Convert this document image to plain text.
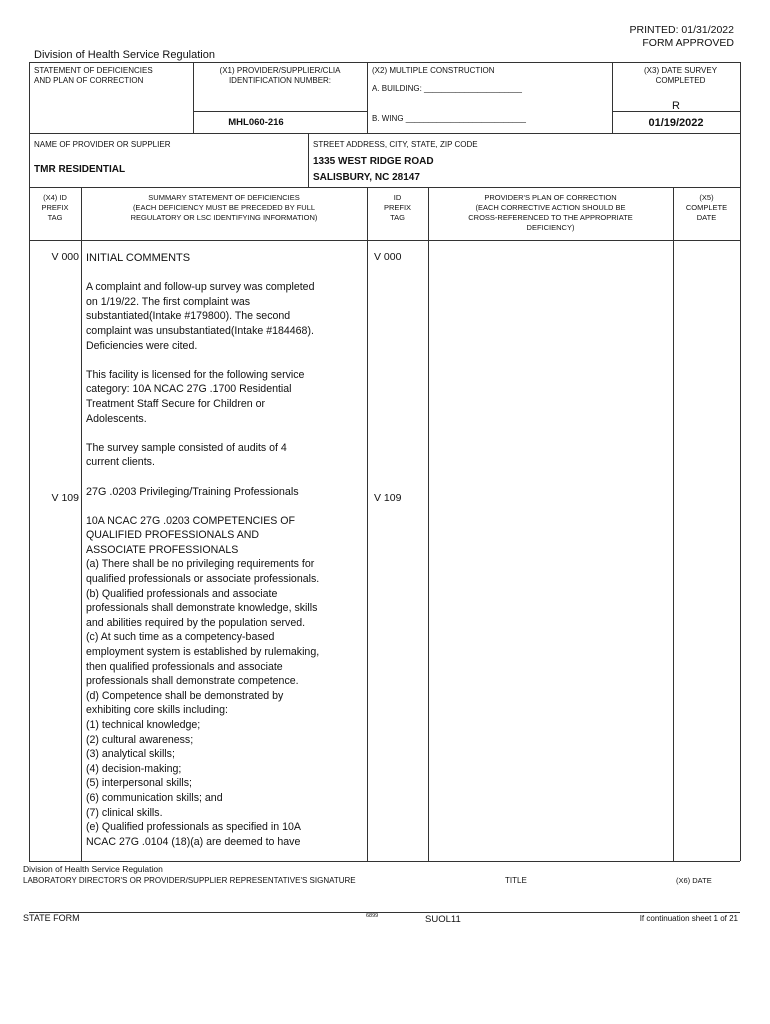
PRINTED: 01/31/2022
FORM APPROVED
Division of Health Service Regulation
STATEMENT OF DEFICIENCIES
AND PLAN OF CORRECTION
(X1) PROVIDER/SUPPLIER/CLIA
IDENTIFICATION NUMBER:
MHL060-216
(X2) MULTIPLE CONSTRUCTION
A. BUILDING: ______________________
B. WING ___________________________
(X3) DATE SURVEY
COMPLETED
R
01/19/2022
NAME OF PROVIDER OR SUPPLIER
TMR RESIDENTIAL
STREET ADDRESS, CITY, STATE, ZIP CODE
1335 WEST RIDGE ROAD
SALISBURY, NC 28147
(X4) ID
PREFIX
TAG
SUMMARY STATEMENT OF DEFICIENCIES
(EACH DEFICIENCY MUST BE PRECEDED BY FULL
REGULATORY OR LSC IDENTIFYING INFORMATION)
ID
PREFIX
TAG
PROVIDER'S PLAN OF CORRECTION
(EACH CORRECTIVE ACTION SHOULD BE
CROSS-REFERENCED TO THE APPROPRIATE
DEFICIENCY)
(X5)
COMPLETE
DATE
V 000	V 000
V 109	V 109
INITIAL COMMENTS
A complaint and follow-up survey was completed
on 1/19/22. The first complaint was
substantiated(Intake #179800). The second
complaint was unsubstantiated(Intake #184468).
Deficiencies were cited.
This facility is licensed for the following service
category: 10A NCAC 27G .1700 Residential
Treatment Staff Secure for Children or
Adolescents.
The survey sample consisted of audits of 4
current clients.
27G .0203 Privileging/Training Professionals
10A NCAC 27G .0203 COMPETENCIES OF
QUALIFIED PROFESSIONALS AND
ASSOCIATE PROFESSIONALS
(a) There shall be no privileging requirements for
qualified professionals or associate professionals.
(b) Qualified professionals and associate
professionals shall demonstrate knowledge, skills
and abilities required by the population served.
(c) At such time as a competency-based
employment system is established by rulemaking,
then qualified professionals and associate
professionals shall demonstrate competence.
(d) Competence shall be demonstrated by
exhibiting core skills including:
(1) technical knowledge;
(2) cultural awareness;
(3) analytical skills;
(4) decision-making;
(5) interpersonal skills;
(6) communication skills; and
(7) clinical skills.
(e) Qualified professionals as specified in 10A
NCAC 27G .0104 (18)(a) are deemed to have
Division of Health Service Regulation
LABORATORY DIRECTOR'S OR PROVIDER/SUPPLIER REPRESENTATIVE'S SIGNATURE	TITLE	(X6) DATE
STATE FORM	6899	SUOL11	If continuation sheet 1 of 21
